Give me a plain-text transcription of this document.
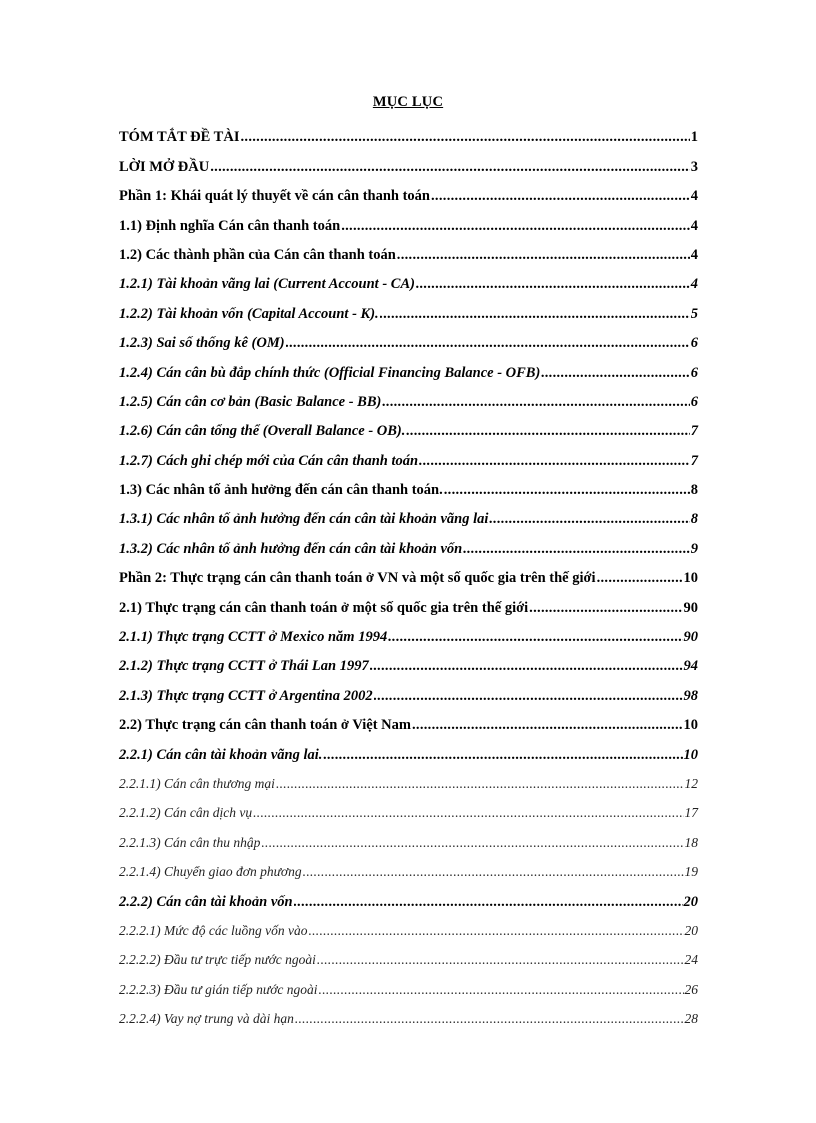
MỤC LỤC
TÓM TẮT ĐỀ TÀI .....	1
LỜI MỞ ĐẦU .....	3
Phần 1: Khái quát lý thuyết về cán cân thanh toán .....	4
1.1) Định nghĩa Cán cân thanh toán .....	4
1.2) Các thành phần của Cán cân thanh toán .....	4
1.2.1) Tài khoản vãng lai (Current Account - CA) .....	4
1.2.2) Tài khoản vốn (Capital Account - K). .....	5
1.2.3) Sai số thống kê (OM) .....	6
1.2.4) Cán cân bù đắp chính thức (Official Financing Balance - OFB) .....	6
1.2.5) Cán cân cơ bản (Basic Balance - BB) .....	6
1.2.6) Cán cân tổng thể (Overall Balance - OB). .....	7
1.2.7) Cách ghi chép mới của Cán cân thanh toán .....	7
1.3) Các nhân tố ảnh hưởng đến cán cân thanh toán. .....	8
1.3.1) Các nhân tố ảnh hưởng đến cán cân tài khoản vãng lai .....	8
1.3.2) Các nhân tố ảnh hưởng đến cán cân tài khoản vốn .....	9
Phần 2: Thực trạng cán cân thanh toán ở VN và một số quốc gia trên thế giới .....	10
2.1) Thực trạng cán cân thanh toán ở một số quốc gia trên thế giới .....	90
2.1.1) Thực trạng CCTT ở Mexico năm 1994 .....	90
2.1.2) Thực trạng CCTT ở Thái Lan 1997 .....	94
2.1.3) Thực trạng CCTT ở Argentina 2002 .....	98
2.2) Thực trạng cán cân thanh toán ở Việt Nam .....	10
2.2.1) Cán cân tài khoản vãng lai. .....	10
2.2.1.1) Cán cân thương mại .....	12
2.2.1.2) Cán cân dịch vụ .....	17
2.2.1.3) Cán cân thu nhập .....	18
2.2.1.4) Chuyển giao đơn phương .....	19
2.2.2) Cán cân tài khoản vốn .....	20
2.2.2.1) Mức độ các luồng vốn vào .....	20
2.2.2.2) Đầu tư trực tiếp nước ngoài .....	24
2.2.2.3) Đầu tư gián tiếp nước ngoài .....	26
2.2.2.4) Vay nợ trung và dài hạn .....	28
